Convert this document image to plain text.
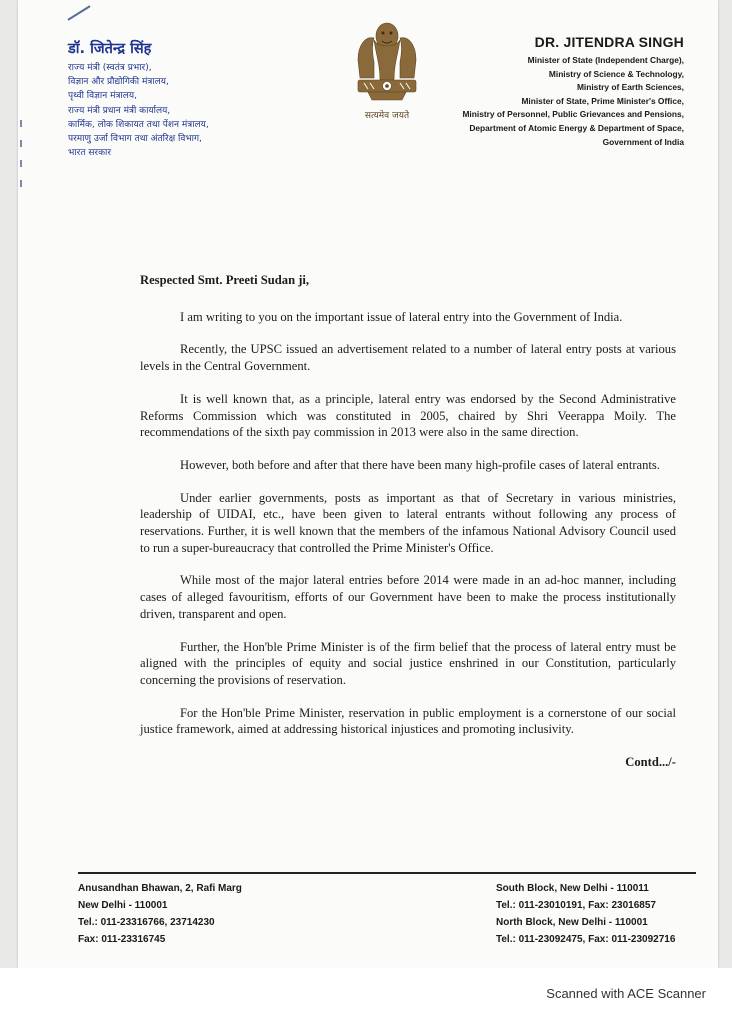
डॉ. जितेन्द्र सिंह
राज्य मंत्री (स्वतंत्र प्रभार),
विज्ञान और प्रौद्योगिकी मंत्रालय,
पृथ्वी विज्ञान मंत्रालय,
राज्य मंत्री प्रधान मंत्री कार्यालय,
कार्मिक, लोक शिकायत तथा पेंशन मंत्रालय,
परमाणु उर्जा विभाग तथा अंतरिक्ष विभाग,
भारत सरकार
सत्यमेव जयते
DR. JITENDRA SINGH
Minister of State (Independent Charge),
Ministry of Science & Technology,
Ministry of Earth Sciences,
Minister of State, Prime Minister's Office,
Ministry of Personnel, Public Grievances and Pensions,
Department of Atomic Energy & Department of Space,
Government of India
Respected Smt. Preeti Sudan ji,

I am writing to you on the important issue of lateral entry into the Government of India.

Recently, the UPSC issued an advertisement related to a number of lateral entry posts at various levels in the Central Government.

It is well known that, as a principle, lateral entry was endorsed by the Second Administrative Reforms Commission which was constituted in 2005, chaired by Shri Veerappa Moily. The recommendations of the sixth pay commission in 2013 were also in the same direction.

However, both before and after that there have been many high-profile cases of lateral entrants.

Under earlier governments, posts as important as that of Secretary in various ministries, leadership of UIDAI, etc., have been given to lateral entrants without following any process of reservations. Further, it is well known that the members of the infamous National Advisory Council used to run a super-bureaucracy that controlled the Prime Minister's Office.

While most of the major lateral entries before 2014 were made in an ad-hoc manner, including cases of alleged favouritism, efforts of our Government have been to make the process institutionally driven, transparent and open.

Further, the Hon'ble Prime Minister is of the firm belief that the process of lateral entry must be aligned with the principles of equity and social justice enshrined in our Constitution, particularly concerning the provisions of reservation.

For the Hon'ble Prime Minister, reservation in public employment is a cornerstone of our social justice framework, aimed at addressing historical injustices and promoting inclusivity.

Contd.../-
Anusandhan Bhawan, 2, Rafi Marg
New Delhi - 110001
Tel.: 011-23316766, 23714230
Fax: 011-23316745
South Block, New Delhi - 110011
Tel.: 011-23010191, Fax: 23016857
North Block, New Delhi - 110001
Tel.: 011-23092475, Fax: 011-23092716
Scanned with ACE Scanner
